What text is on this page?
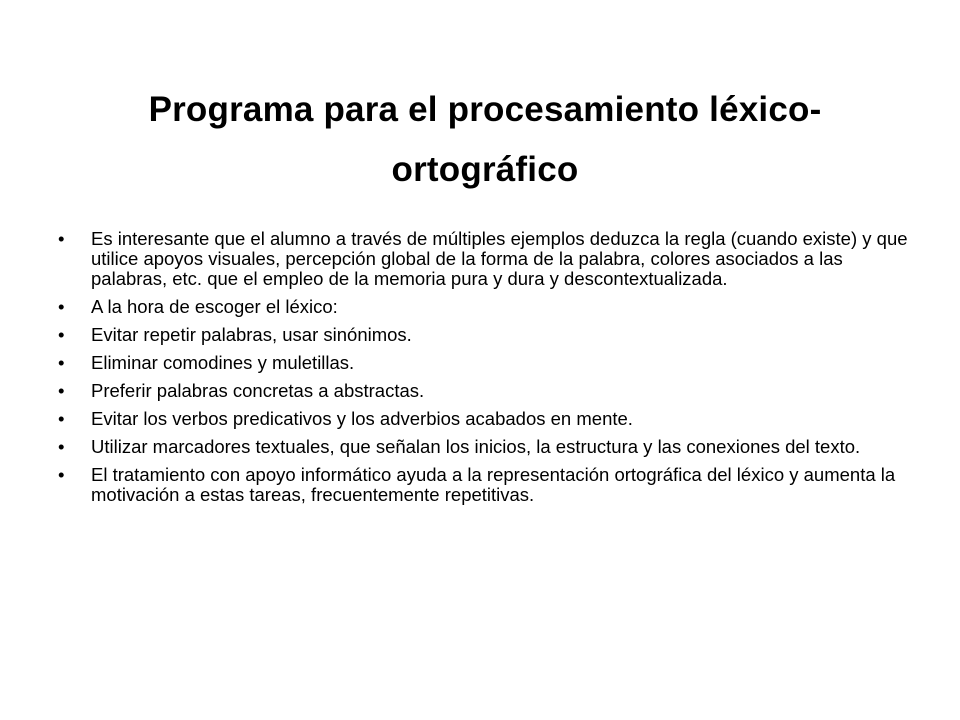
Programa para el procesamiento léxico-ortográfico
•	Es interesante que el alumno a través de múltiples ejemplos deduzca la regla (cuando existe) y que utilice apoyos visuales, percepción global de la forma de la palabra, colores asociados a las palabras, etc. que el empleo de la memoria pura y dura y descontextualizada.
•	A la hora de escoger el léxico:
•	Evitar repetir palabras, usar sinónimos.
•	Eliminar comodines y muletillas.
•	Preferir palabras concretas a abstractas.
•	Evitar los verbos predicativos y los adverbios acabados en mente.
•	Utilizar marcadores textuales, que señalan los inicios, la estructura y las conexiones del texto.
•	El tratamiento con apoyo informático ayuda a la representación ortográfica del léxico y aumenta la motivación a estas tareas, frecuentemente repetitivas.
